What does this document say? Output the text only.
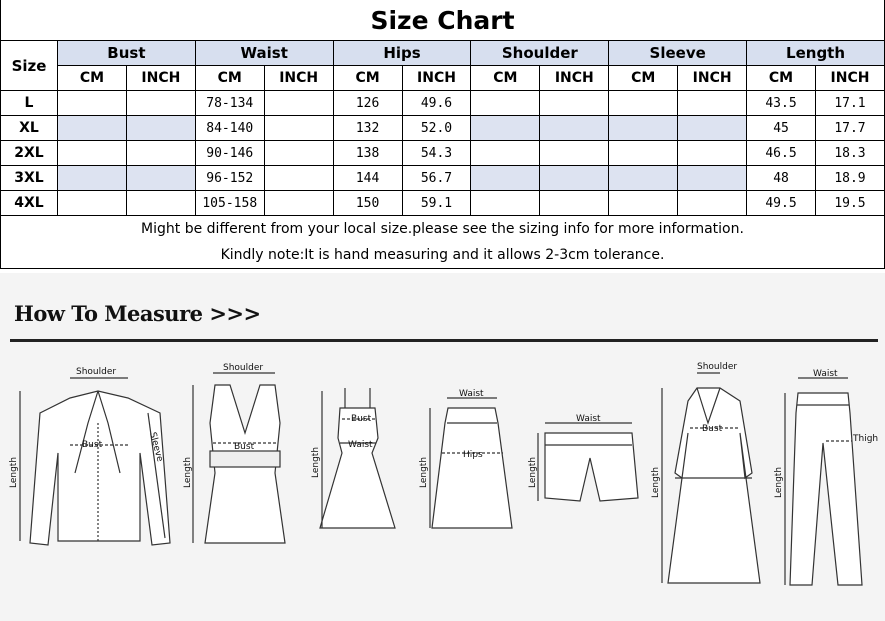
Size Chart												
Size	Bust		Waist		Hips		Shoulder		Sleeve		Length	
	CM	INCH	CM	INCH	CM	INCH	CM	INCH	CM	INCH	CM	INCH
L			78-134		126	49.6					43.5	17.1
XL			84-140		132	52.0					45	17.7
2XL			90-146		138	54.3					46.5	18.3
3XL			96-152		144	56.7					48	18.9
4XL			105-158		150	59.1					49.5	19.5
Might be different from your local size.please see the sizing info for more information.												
Kindly note:It is hand measuring and it allows 2-3cm tolerance.												
How To Measure >>>
Shoulder
Bust	Sleeve
Length
Shoulder
Bust
Length
Bust
Waist
Length
Waist
Hips
Length
Waist
Length
Shoulder
Bust
Length
Waist
Thigh
Length
